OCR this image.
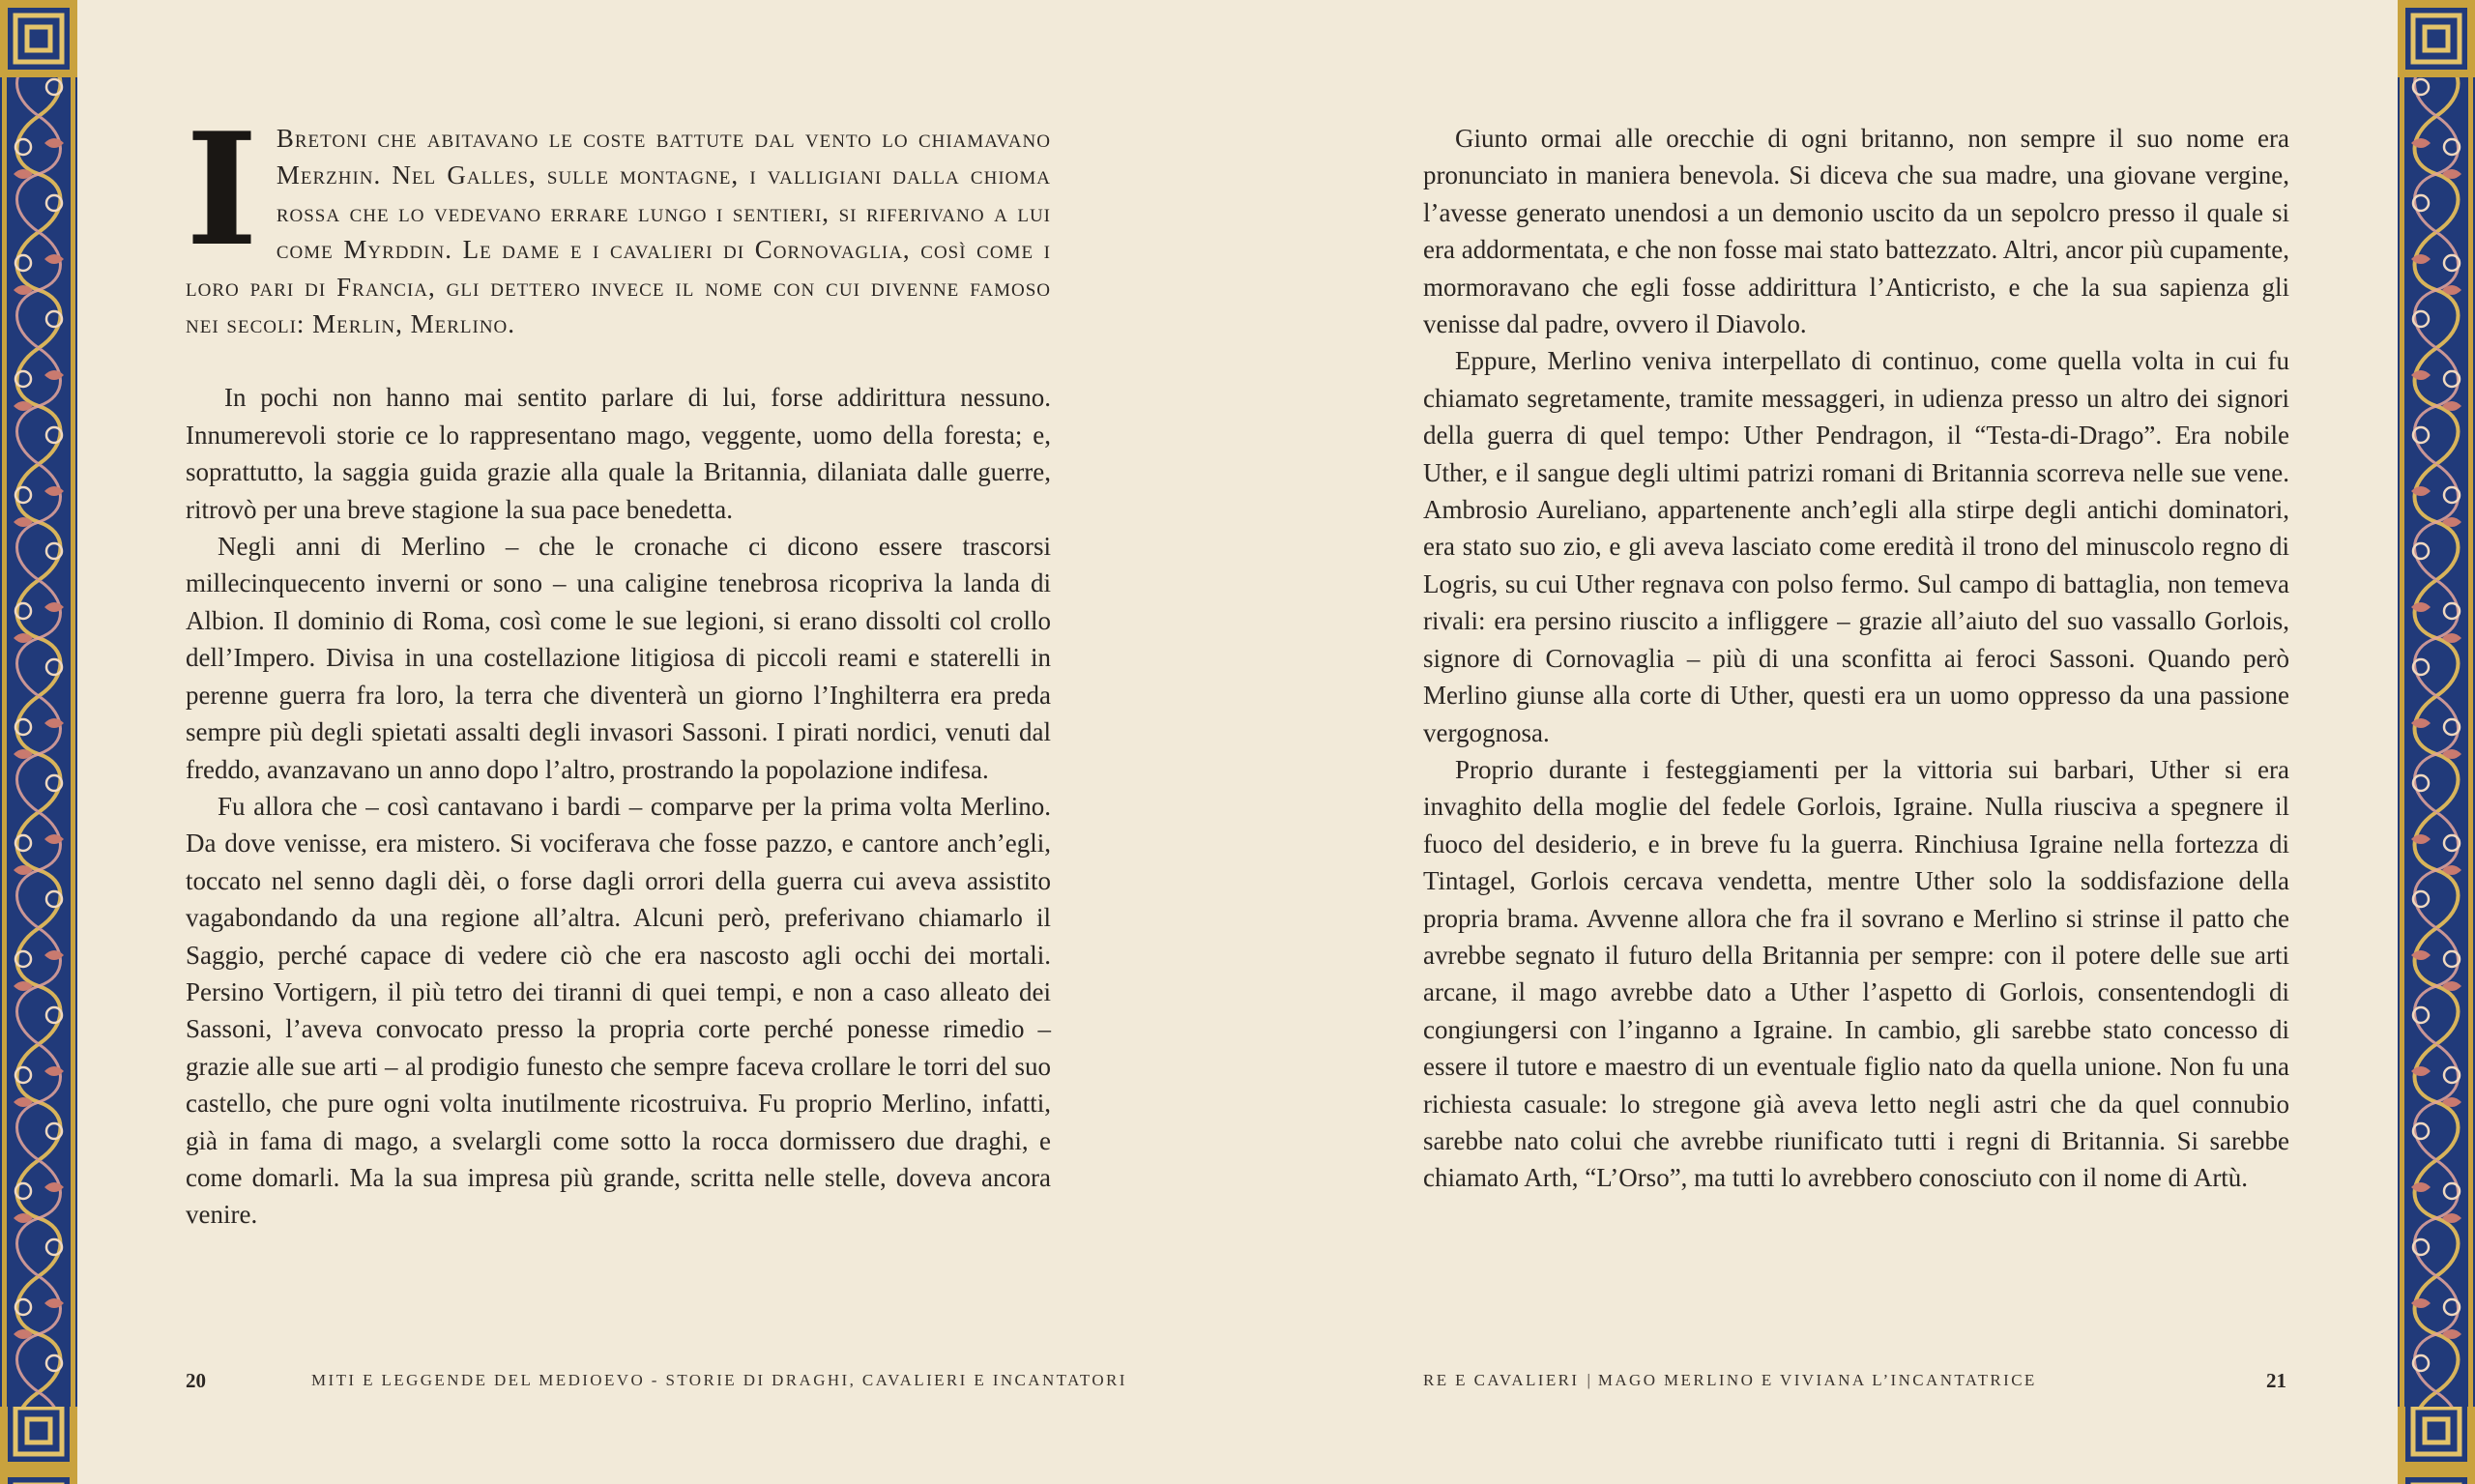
I Bretoni che abitavano le coste battute dal vento lo chiamavano Merzhin. Nel Galles, sulle montagne, i valligiani dalla chioma rossa che lo vedevano errare lungo i sentieri, si riferivano a lui come Myrddin. Le dame e i cavalieri di Cornovaglia, così come i loro pari di Francia, gli dettero invece il nome con cui divenne famoso nei secoli: Merlin, Merlino.

In pochi non hanno mai sentito parlare di lui, forse addirittura nessuno. Innumerevoli storie ce lo rappresentano mago, veggente, uomo della foresta; e, soprattutto, la saggia guida grazie alla quale la Britannia, dilaniata dalle guerre, ritrovò per una breve stagione la sua pace benedetta.

Negli anni di Merlino – che le cronache ci dicono essere trascorsi millecinquecento inverni or sono – una caligine tenebrosa ricopriva la landa di Albion. Il dominio di Roma, così come le sue legioni, si erano dissolti col crollo dell’Impero. Divisa in una costellazione litigiosa di piccoli reami e staterelli in perenne guerra fra loro, la terra che diventerà un giorno l’Inghilterra era preda sempre più degli spietati assalti degli invasori Sassoni. I pirati nordici, venuti dal freddo, avanzavano un anno dopo l’altro, prostrando la popolazione indifesa.

Fu allora che – così cantavano i bardi – comparve per la prima volta Merlino. Da dove venisse, era mistero. Si vociferava che fosse pazzo, e cantore anch’egli, toccato nel senno dagli dèi, o forse dagli orrori della guerra cui aveva assistito vagabondando da una regione all’altra. Alcuni però, preferivano chiamarlo il Saggio, perché capace di vedere ciò che era nascosto agli occhi dei mortali. Persino Vortigern, il più tetro dei tiranni di quei tempi, e non a caso alleato dei Sassoni, l’aveva convocato presso la propria corte perché ponesse rimedio – grazie alle sue arti – al prodigio funesto che sempre faceva crollare le torri del suo castello, che pure ogni volta inutilmente ricostruiva. Fu proprio Merlino, infatti, già in fama di mago, a svelargli come sotto la rocca dormissero due draghi, e come domarli. Ma la sua impresa più grande, scritta nelle stelle, doveva ancora venire.

Giunto ormai alle orecchie di ogni britanno, non sempre il suo nome era pronunciato in maniera benevola. Si diceva che sua madre, una giovane vergine, l’avesse generato unendosi a un demonio uscito da un sepolcro presso il quale si era addormentata, e che non fosse mai stato battezzato. Altri, ancor più cupamente, mormoravano che egli fosse addirittura l’Anticristo, e che la sua sapienza gli venisse dal padre, ovvero il Diavolo.

Eppure, Merlino veniva interpellato di continuo, come quella volta in cui fu chiamato segretamente, tramite messaggeri, in udienza presso un altro dei signori della guerra di quel tempo: Uther Pendragon, il “Testa-di-Drago”. Era nobile Uther, e il sangue degli ultimi patrizi romani di Britannia scorreva nelle sue vene. Ambrosio Aureliano, appartenente anch’egli alla stirpe degli antichi dominatori, era stato suo zio, e gli aveva lasciato come eredità il trono del minuscolo regno di Logris, su cui Uther regnava con polso fermo. Sul campo di battaglia, non temeva rivali: era persino riuscito a infliggere – grazie all’aiuto del suo vassallo Gorlois, signore di Cornovaglia – più di una sconfitta ai feroci Sassoni. Quando però Merlino giunse alla corte di Uther, questi era un uomo oppresso da una passione vergognosa.

Proprio durante i festeggiamenti per la vittoria sui barbari, Uther si era invaghito della moglie del fedele Gorlois, Igraine. Nulla riusciva a spegnere il fuoco del desiderio, e in breve fu la guerra. Rinchiusa Igraine nella fortezza di Tintagel, Gorlois cercava vendetta, mentre Uther solo la soddisfazione della propria brama. Avvenne allora che fra il sovrano e Merlino si strinse il patto che avrebbe segnato il futuro della Britannia per sempre: con il potere delle sue arti arcane, il mago avrebbe dato a Uther l’aspetto di Gorlois, consentendogli di congiungersi con l’inganno a Igraine. In cambio, gli sarebbe stato concesso di essere il tutore e maestro di un eventuale figlio nato da quella unione. Non fu una richiesta casuale: lo stregone già aveva letto negli astri che da quel connubio sarebbe nato colui che avrebbe riunificato tutti i regni di Britannia. Si sarebbe chiamato Arth, “L’Orso”, ma tutti lo avrebbero conosciuto con il nome di Artù.

20	MITI E LEGGENDE DEL MEDIOEVO - STORIE DI DRAGHI, CAVALIERI E INCANTATORI	RE E CAVALIERI | MAGO MERLINO E VIVIANA L’INCANTATRICE	21
